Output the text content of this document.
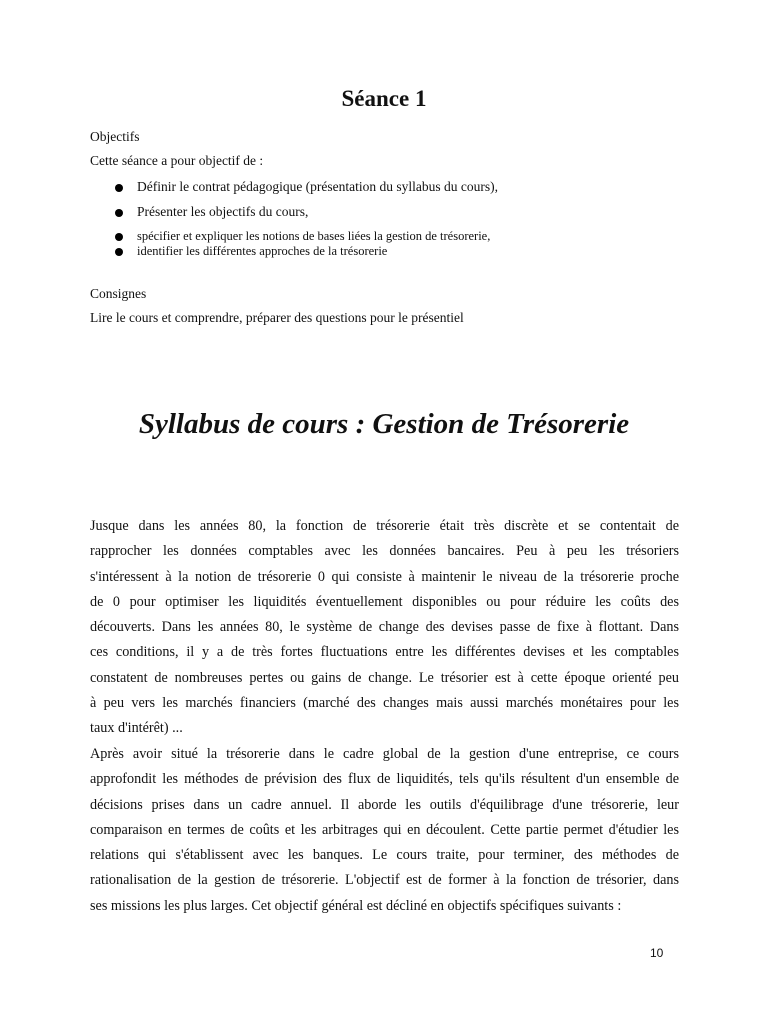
Séance 1
Objectifs
Cette séance a pour objectif de :
Définir le contrat pédagogique (présentation du syllabus du cours),
Présenter les objectifs du cours,
spécifier et expliquer les notions de bases liées la gestion de trésorerie,
identifier les différentes approches de la trésorerie
Consignes
Lire le cours et comprendre, préparer des questions pour le présentiel
Syllabus de cours : Gestion de Trésorerie
Jusque dans les années 80, la fonction de trésorerie était très discrète et se contentait de
rapprocher les données comptables avec les données bancaires. Peu à peu les trésoriers
s'intéressent à la notion de trésorerie 0 qui consiste à maintenir le niveau de la trésorerie proche
de 0 pour optimiser les liquidités éventuellement disponibles ou pour réduire les coûts des
découverts. Dans les années 80, le système de change des devises passe de fixe à flottant. Dans
ces conditions, il y a de très fortes fluctuations entre les différentes devises et les comptables
constatent de nombreuses pertes ou gains de change. Le trésorier est à cette époque orienté peu
à peu vers les marchés financiers (marché des changes mais aussi marchés monétaires pour les
taux d'intérêt) ...
Après avoir situé la trésorerie dans le cadre global de la gestion d'une entreprise, ce cours
approfondit les méthodes de prévision des flux de liquidités, tels qu'ils résultent d'un ensemble de
décisions prises dans un cadre annuel. Il aborde les outils d'équilibrage d'une trésorerie, leur
comparaison en termes de coûts et les arbitrages qui en découlent. Cette partie permet d'étudier les
relations qui s'établissent avec les banques. Le cours traite, pour terminer, des méthodes de
rationalisation de la gestion de trésorerie. L'objectif est de former à la fonction de trésorier, dans
ses missions les plus larges. Cet objectif général est décliné en objectifs spécifiques suivants :
10
